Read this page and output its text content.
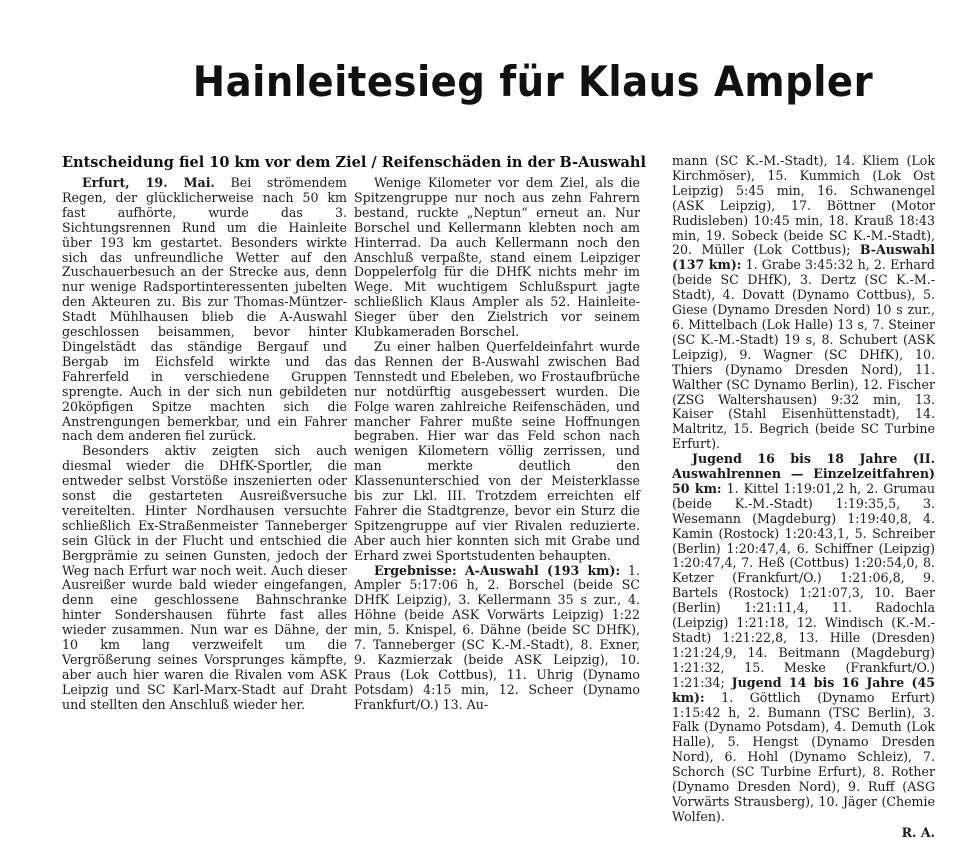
Hainleitesieg für Klaus Ampler
Entscheidung fiel 10 km vor dem Ziel / Reifenschäden in der B-Auswahl

Erfurt, 19. Mai. Bei strömendem Regen, der glücklicherweise nach 50 km fast aufhörte, wurde das 3. Sichtungsrennen Rund um die Hainleite über 193 km gestartet. Besonders wirkte sich das unfreundliche Wetter auf den Zuschauerbesuch an der Strecke aus, denn nur wenige Radsportinteressenten jubelten den Akteuren zu. Bis zur Thomas-Müntzer-Stadt Mühlhausen blieb die A-Auswahl geschlossen beisammen, bevor hinter Dingelstädt das ständige Bergauf und Bergab im Eichsfeld wirkte und das Fahrerfeld in verschiedene Gruppen sprengte. Auch in der sich nun gebildeten 20köpfigen Spitze machten sich die Anstrengungen bemerkbar, und ein Fahrer nach dem anderen fiel zurück.

Besonders aktiv zeigten sich auch diesmal wieder die DHfK-Sportler, die entweder selbst Vorstöße inszenierten oder sonst die gestarteten Ausreißversuche vereitelten. Hinter Nordhausen versuchte schließlich Ex-Straßenmeister Tanneberger sein Glück in der Flucht und entschied die Bergprämie zu seinen Gunsten, jedoch der Weg nach Erfurt war noch weit. Auch dieser Ausreißer wurde bald wieder eingefangen, denn eine geschlossene Bahnschranke hinter Sondershausen führte fast alles wieder zusammen. Nun war es Dähne, der 10 km lang verzweifelt um die Vergrößerung seines Vorsprunges kämpfte, aber auch hier waren die Rivalen vom ASK Leipzig und SC Karl-Marx-Stadt auf Draht und stellten den Anschluß wieder her.

Wenige Kilometer vor dem Ziel, als die Spitzengruppe nur noch aus zehn Fahrern bestand, ruckte „Neptun“ erneut an. Nur Borschel und Kellermann klebten noch am Hinterrad. Da auch Kellermann noch den Anschluß verpaßte, stand einem Leipziger Doppelerfolg für die DHfK nichts mehr im Wege. Mit wuchtigem Schlußspurt jagte schließlich Klaus Ampler als 52. Hainleite-Sieger über den Zielstrich vor seinem Klubkameraden Borschel.

Zu einer halben Querfeldeinfahrt wurde das Rennen der B-Auswahl zwischen Bad Tennstedt und Ebeleben, wo Frostaufbrüche nur notdürftig ausgebessert wurden. Die Folge waren zahlreiche Reifenschäden, und mancher Fahrer mußte seine Hoffnungen begraben. Hier war das Feld schon nach wenigen Kilometern völlig zerrissen, und man merkte deutlich den Klassenunterschied von der Meisterklasse bis zur Lkl. III. Trotzdem erreichten elf Fahrer die Stadtgrenze, bevor ein Sturz die Spitzengruppe auf vier Rivalen reduzierte. Aber auch hier konnten sich mit Grabe und Erhard zwei Sportstudenten behaupten.

Ergebnisse: A-Auswahl (193 km): 1. Ampler 5:17:06 h, 2. Borschel (beide SC DHfK Leipzig), 3. Kellermann 35 s zur., 4. Höhne (beide ASK Vorwärts Leipzig) 1:22 min, 5. Knispel, 6. Dähne (beide SC DHfK), 7. Tanneberger (SC K.-M.-Stadt), 8. Exner, 9. Kazmierzak (beide ASK Leipzig), 10. Praus (Lok Cottbus), 11. Uhrig (Dynamo Potsdam) 4:15 min, 12. Scheer (Dynamo Frankfurt/O.) 13. Au-

mann (SC K.-M.-Stadt), 14. Kliem (Lok Kirchmöser), 15. Kummich (Lok Ost Leipzig) 5:45 min, 16. Schwanengel (ASK Leipzig), 17. Böttner (Motor Rudisleben) 10:45 min, 18. Krauß 18:43 min, 19. Sobeck (beide SC K.-M.-Stadt), 20. Müller (Lok Cottbus); B-Auswahl (137 km): 1. Grabe 3:45:32 h, 2. Erhard (beide SC DHfK), 3. Dertz (SC K.-M.-Stadt), 4. Dovatt (Dynamo Cottbus), 5. Giese (Dynamo Dresden Nord) 10 s zur., 6. Mittelbach (Lok Halle) 13 s, 7. Steiner (SC K.-M.-Stadt) 19 s, 8. Schubert (ASK Leipzig), 9. Wagner (SC DHfK), 10. Thiers (Dynamo Dresden Nord), 11. Walther (SC Dynamo Berlin), 12. Fischer (ZSG Waltershausen) 9:32 min, 13. Kaiser (Stahl Eisenhüttenstadt), 14. Maltritz, 15. Begrich (beide SC Turbine Erfurt).

Jugend 16 bis 18 Jahre (II. Auswahlrennen — Einzelzeitfahren) 50 km: 1. Kittel 1:19:01,2 h, 2. Grumau (beide K.-M.-Stadt) 1:19:35,5, 3. Wesemann (Magdeburg) 1:19:40,8, 4. Kamin (Rostock) 1:20:43,1, 5. Schreiber (Berlin) 1:20:47,4, 6. Schiffner (Leipzig) 1:20:47,4, 7. Heß (Cottbus) 1:20:54,0, 8. Ketzer (Frankfurt/O.) 1:21:06,8, 9. Bartels (Rostock) 1:21:07,3, 10. Baer (Berlin) 1:21:11,4, 11. Radochla (Leipzig) 1:21:18, 12. Windisch (K.-M.-Stadt) 1:21:22,8, 13. Hille (Dresden) 1:21:24,9, 14. Beitmann (Magdeburg) 1:21:32, 15. Meske (Frankfurt/O.) 1:21:34; Jugend 14 bis 16 Jahre (45 km): 1. Göttlich (Dynamo Erfurt) 1:15:42 h, 2. Bumann (TSC Berlin), 3. Falk (Dynamo Potsdam), 4. Demuth (Lok Halle), 5. Hengst (Dynamo Dresden Nord), 6. Hohl (Dynamo Schleiz), 7. Schorch (SC Turbine Erfurt), 8. Rother (Dynamo Dresden Nord), 9. Ruff (ASG Vorwärts Strausberg), 10. Jäger (Chemie Wolfen).

R. A.
